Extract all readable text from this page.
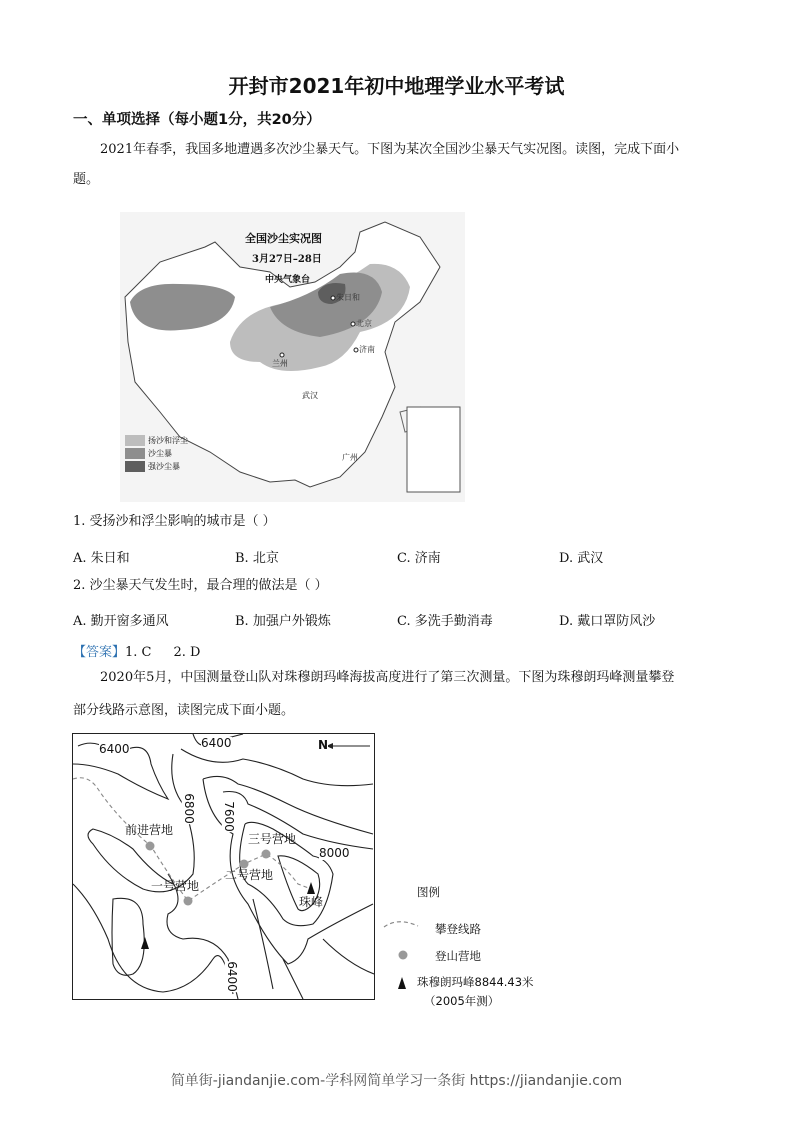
开封市2021年初中地理学业水平考试
一、单项选择（每小题1分，共20分）
2021年春季，我国多地遭遇多次沙尘暴天气。下图为某次全国沙尘暴天气实况图。读图，完成下面小
题。
全国沙尘实况图
3月27日–28日
中央气象台
朱日和
北京
济南
兰州
武汉
广州
扬沙和浮尘
沙尘暴
强沙尘暴
1. 受扬沙和浮尘影响的城市是（ ）
A. 朱日和	B. 北京	C. 济南	D. 武汉
2. 沙尘暴天气发生时，最合理的做法是（ ）
A. 勤开窗多通风	B. 加强户外锻炼	C. 多洗手勤消毒	D. 戴口罩防风沙
【答案】1. C 2. D
2020年5月，中国测量登山队对珠穆朗玛峰海拔高度进行了第三次测量。下图为珠穆朗玛峰测量攀登
部分线路示意图，读图完成下面小题。
6400	6400
6800 7600
8000
6400
N
前进营地
一号营地
二号营地
三号营地
珠峰
图例
攀登线路
登山营地
珠穆朗玛峰8844.43米
（2005年测）
简单街-jiandanjie.com-学科网简单学习一条街 https://jiandanjie.com
